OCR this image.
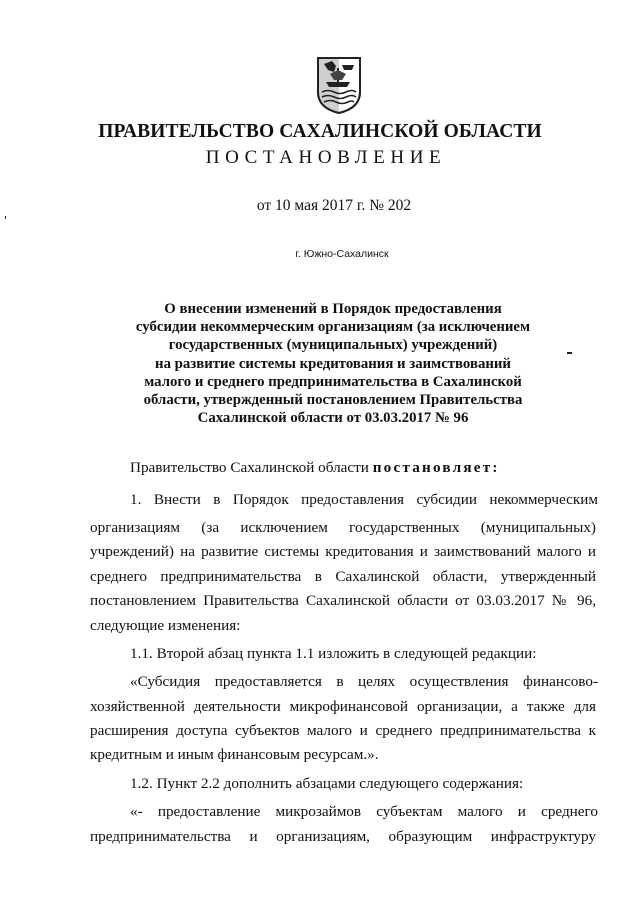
ПРАВИТЕЛЬСТВО САХАЛИНСКОЙ ОБЛАСТИ
ПОСТАНОВЛЕНИЕ
от 10 мая 2017 г. № 202
г. Южно-Сахалинск
О внесении изменений в Порядок предоставления
субсидии некоммерческим организациям (за исключением
государственных (муниципальных) учреждений)
на развитие системы кредитования и заимствований
малого и среднего предпринимательства в Сахалинской
области, утвержденный постановлением Правительства
Сахалинской области от 03.03.2017 № 96
Правительство Сахалинской области постановляет:
1. Внести в Порядок предоставления субсидии некоммерческим
организациям (за исключением государственных (муниципальных)
учреждений) на развитие системы кредитования и заимствований малого и
среднего предпринимательства в Сахалинской области, утвержденный
постановлением Правительства Сахалинской области от 03.03.2017 № 96,
следующие изменения:
1.1. Второй абзац пункта 1.1 изложить в следующей редакции:
«Субсидия предоставляется в целях осуществления финансово-
хозяйственной деятельности микрофинансовой организации, а также для
расширения доступа субъектов малого и среднего предпринимательства к
кредитным и иным финансовым ресурсам.».
1.2. Пункт 2.2 дополнить абзацами следующего содержания:
«- предоставление микрозаймов субъектам малого и среднего
предпринимательства и организациям, образующим инфраструктуру
